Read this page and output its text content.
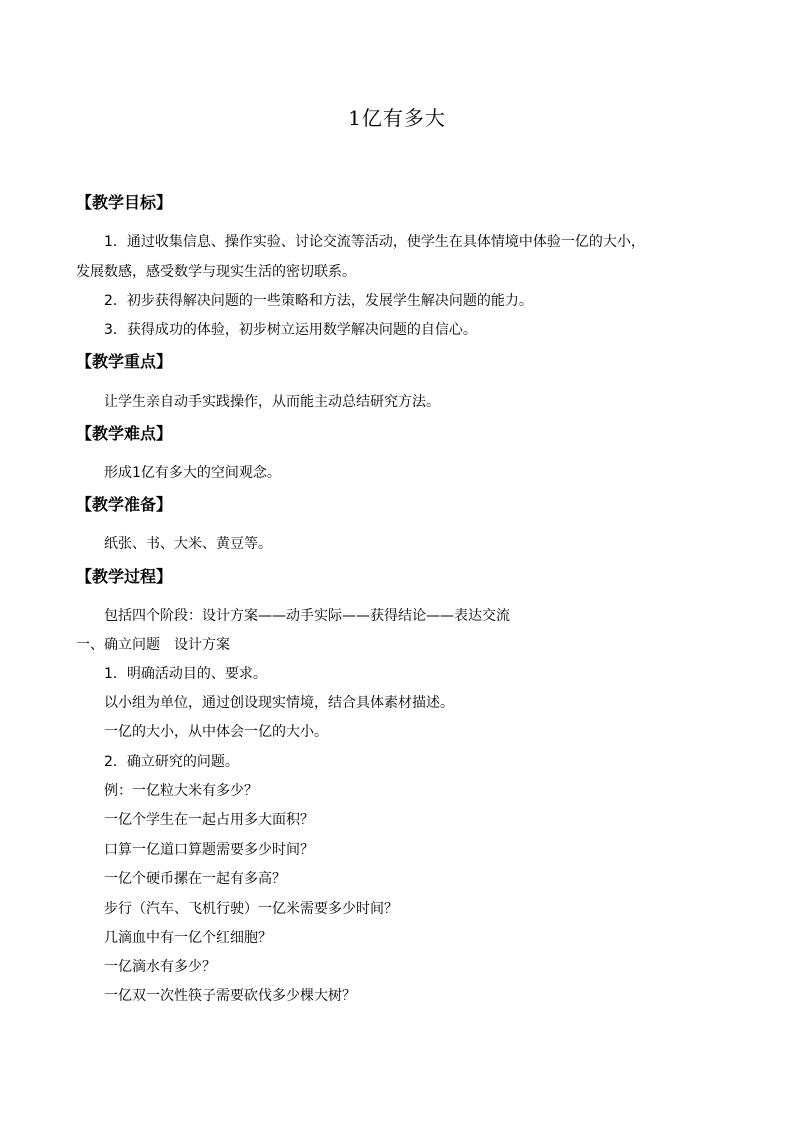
1亿有多大
【教学目标】
1．通过收集信息、操作实验、讨论交流等活动，使学生在具体情境中体验一亿的大小，
发展数感，感受数学与现实生活的密切联系。
2．初步获得解决问题的一些策略和方法，发展学生解决问题的能力。
3．获得成功的体验，初步树立运用数学解决问题的自信心。
【教学重点】
让学生亲自动手实践操作，从而能主动总结研究方法。
【教学难点】
形成1亿有多大的空间观念。
【教学准备】
纸张、书、大米、黄豆等。
【教学过程】
包括四个阶段：设计方案——动手实际——获得结论——表达交流
一、确立问题　设计方案
1．明确活动目的、要求。
以小组为单位，通过创设现实情境，结合具体素材描述。
一亿的大小，从中体会一亿的大小。
2．确立研究的问题。
例：一亿粒大米有多少？
一亿个学生在一起占用多大面积？
口算一亿道口算题需要多少时间？
一亿个硬币摞在一起有多高？
步行（汽车、飞机行驶）一亿米需要多少时间？
几滴血中有一亿个红细胞？
一亿滴水有多少？
一亿双一次性筷子需要砍伐多少棵大树？
